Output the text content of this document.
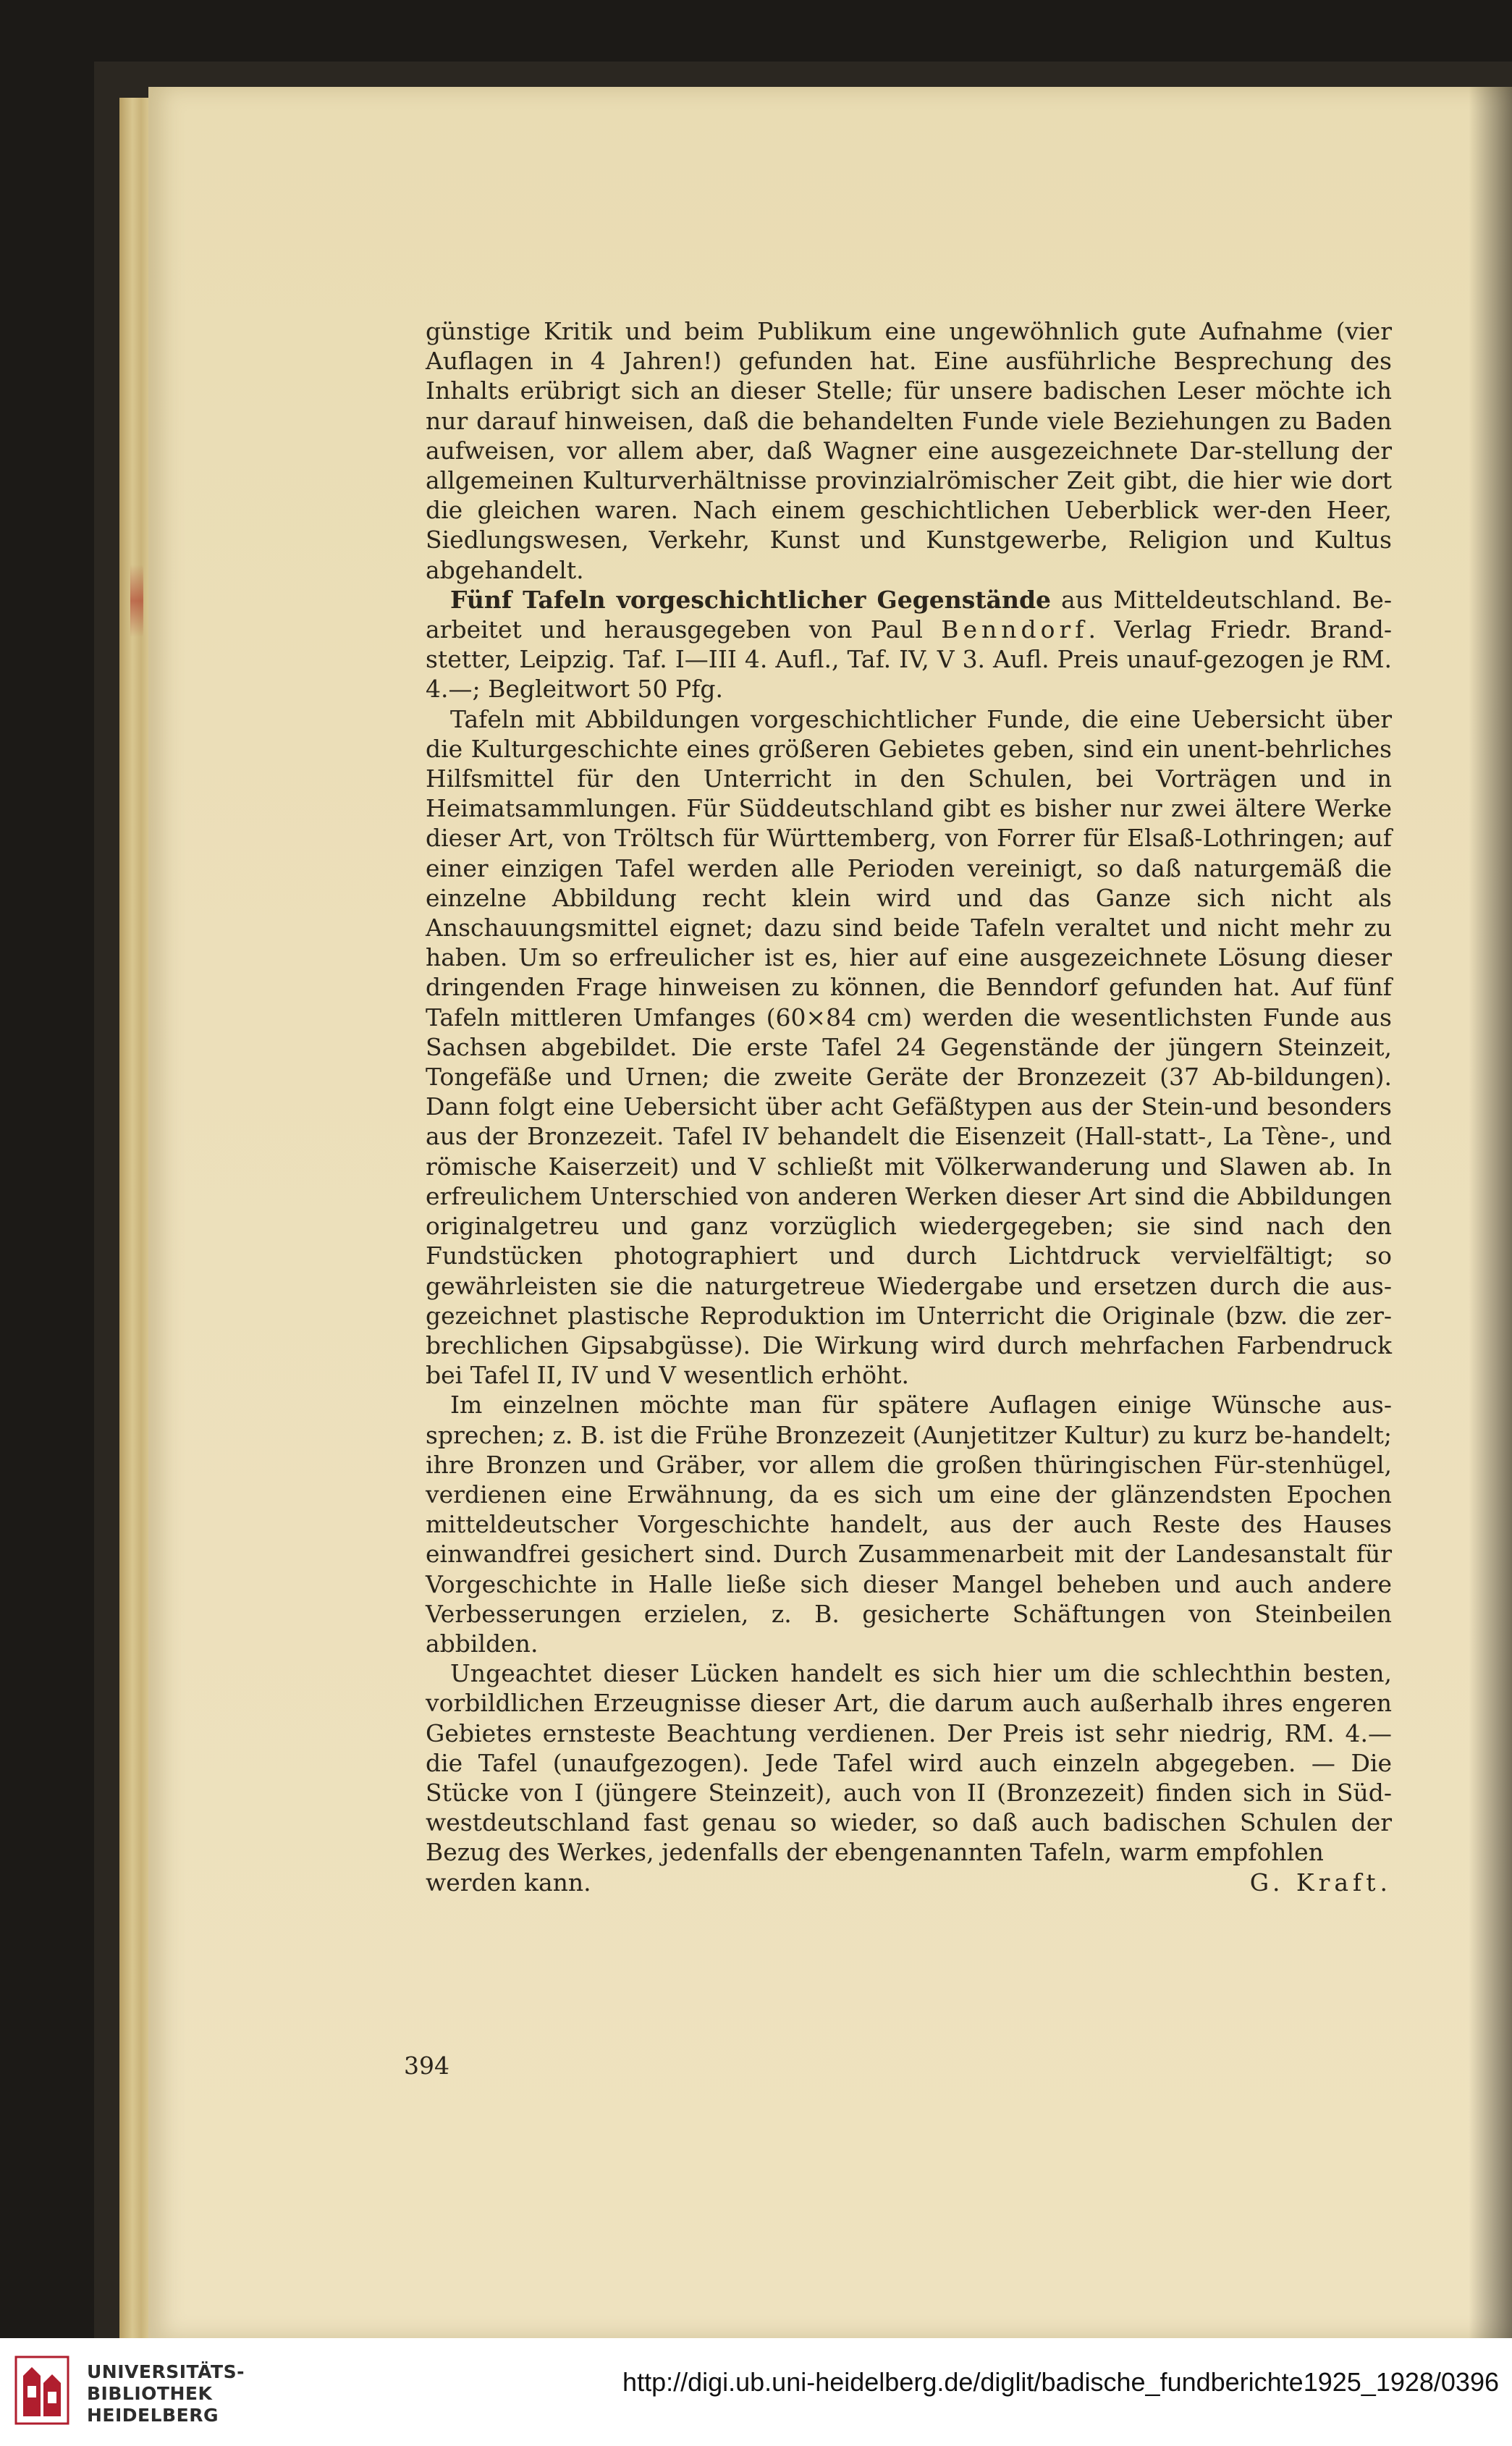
günstige Kritik und beim Publikum eine ungewöhnlich gute Aufnahme (vier Auflagen in 4 Jahren!) gefunden hat. Eine ausführliche Besprechung des Inhalts erübrigt sich an dieser Stelle; für unsere badischen Leser möchte ich nur darauf hinweisen, daß die behandelten Funde viele Beziehungen zu Baden aufweisen, vor allem aber, daß Wagner eine ausgezeichnete Dar-stellung der allgemeinen Kulturverhältnisse provinzialrömischer Zeit gibt, die hier wie dort die gleichen waren. Nach einem geschichtlichen Ueberblick wer-den Heer, Siedlungswesen, Verkehr, Kunst und Kunstgewerbe, Religion und Kultus abgehandelt.

Fünf Tafeln vorgeschichtlicher Gegenstände aus Mitteldeutschland. Be-arbeitet und herausgegeben von Paul Benndorf. Verlag Friedr. Brand-stetter, Leipzig. Taf. I—III 4. Aufl., Taf. IV, V 3. Aufl. Preis unauf-gezogen je RM. 4.—; Begleitwort 50 Pfg.

Tafeln mit Abbildungen vorgeschichtlicher Funde, die eine Uebersicht über die Kulturgeschichte eines größeren Gebietes geben, sind ein unent-behrliches Hilfsmittel für den Unterricht in den Schulen, bei Vorträgen und in Heimatsammlungen. Für Süddeutschland gibt es bisher nur zwei ältere Werke dieser Art, von Tröltsch für Württemberg, von Forrer für Elsaß-Lothringen; auf einer einzigen Tafel werden alle Perioden vereinigt, so daß naturgemäß die einzelne Abbildung recht klein wird und das Ganze sich nicht als Anschauungsmittel eignet; dazu sind beide Tafeln veraltet und nicht mehr zu haben. Um so erfreulicher ist es, hier auf eine ausgezeichnete Lösung dieser dringenden Frage hinweisen zu können, die Benndorf gefunden hat. Auf fünf Tafeln mittleren Umfanges (60×84 cm) werden die wesentlichsten Funde aus Sachsen abgebildet. Die erste Tafel 24 Gegenstände der jüngern Steinzeit, Tongefäße und Urnen; die zweite Geräte der Bronzezeit (37 Ab-bildungen). Dann folgt eine Uebersicht über acht Gefäßtypen aus der Stein-und besonders aus der Bronzezeit. Tafel IV behandelt die Eisenzeit (Hall-statt-, La Tène-, und römische Kaiserzeit) und V schließt mit Völkerwanderung und Slawen ab. In erfreulichem Unterschied von anderen Werken dieser Art sind die Abbildungen originalgetreu und ganz vorzüglich wiedergegeben; sie sind nach den Fundstücken photographiert und durch Lichtdruck vervielfältigt; so gewährleisten sie die naturgetreue Wiedergabe und ersetzen durch die aus-gezeichnet plastische Reproduktion im Unterricht die Originale (bzw. die zer-brechlichen Gipsabgüsse). Die Wirkung wird durch mehrfachen Farbendruck bei Tafel II, IV und V wesentlich erhöht.

Im einzelnen möchte man für spätere Auflagen einige Wünsche aus-sprechen; z. B. ist die Frühe Bronzezeit (Aunjetitzer Kultur) zu kurz be-handelt; ihre Bronzen und Gräber, vor allem die großen thüringischen Für-stenhügel, verdienen eine Erwähnung, da es sich um eine der glänzendsten Epochen mitteldeutscher Vorgeschichte handelt, aus der auch Reste des Hauses einwandfrei gesichert sind. Durch Zusammenarbeit mit der Landesanstalt für Vorgeschichte in Halle ließe sich dieser Mangel beheben und auch andere Verbesserungen erzielen, z. B. gesicherte Schäftungen von Steinbeilen abbilden.

Ungeachtet dieser Lücken handelt es sich hier um die schlechthin besten, vorbildlichen Erzeugnisse dieser Art, die darum auch außerhalb ihres engeren Gebietes ernsteste Beachtung verdienen. Der Preis ist sehr niedrig, RM. 4.— die Tafel (unaufgezogen). Jede Tafel wird auch einzeln abgegeben. — Die Stücke von I (jüngere Steinzeit), auch von II (Bronzezeit) finden sich in Süd-westdeutschland fast genau so wieder, so daß auch badischen Schulen der Bezug des Werkes, jedenfalls der ebengenannten Tafeln, warm empfohlen

werden kann.	G. Kraft.
394
UNIVERSITÄTS-
BIBLIOTHEK
HEIDELBERG
http://digi.ub.uni-heidelberg.de/diglit/badische_fundberichte1925_1928/0396
